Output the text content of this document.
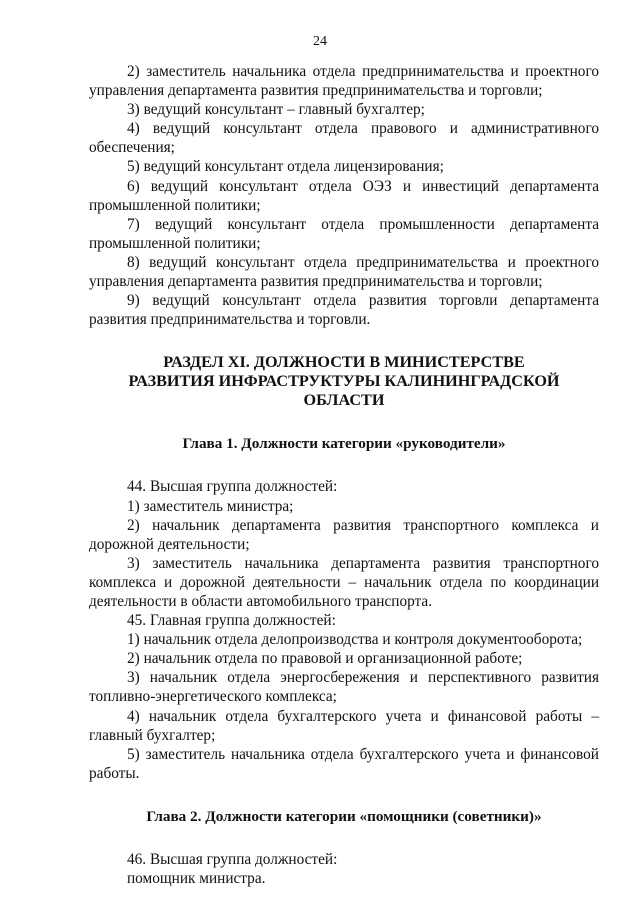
24

2) заместитель начальника отдела предпринимательства и проектного управления департамента развития предпринимательства и торговли;

3) ведущий консультант – главный бухгалтер;

4) ведущий консультант отдела правового и административного обеспечения;

5) ведущий консультант отдела лицензирования;

6) ведущий консультант отдела ОЭЗ и инвестиций департамента промышленной политики;

7) ведущий консультант отдела промышленности департамента промышленной политики;

8) ведущий консультант отдела предпринимательства и проектного управления департамента развития предпринимательства и торговли;

9) ведущий консультант отдела развития торговли департамента развития предпринимательства и торговли.

РАЗДЕЛ XI. ДОЛЖНОСТИ В МИНИСТЕРСТВЕ
РАЗВИТИЯ ИНФРАСТРУКТУРЫ КАЛИНИНГРАДСКОЙ ОБЛАСТИ
Глава 1. Должности категории «руководители»

44. Высшая группа должностей:

1) заместитель министра;

2) начальник департамента развития транспортного комплекса и дорожной деятельности;

3) заместитель начальника департамента развития транспортного комплекса и дорожной деятельности – начальник отдела по координации деятельности в области автомобильного транспорта.

45. Главная группа должностей:

1) начальник отдела делопроизводства и контроля документооборота;

2) начальник отдела по правовой и организационной работе;

3) начальник отдела энергосбережения и перспективного развития топливно-энергетического комплекса;

4) начальник отдела бухгалтерского учета и финансовой работы – главный бухгалтер;

5) заместитель начальника отдела бухгалтерского учета и финансовой работы.

Глава 2. Должности категории «помощники (советники)»

46. Высшая группа должностей:

помощник министра.
